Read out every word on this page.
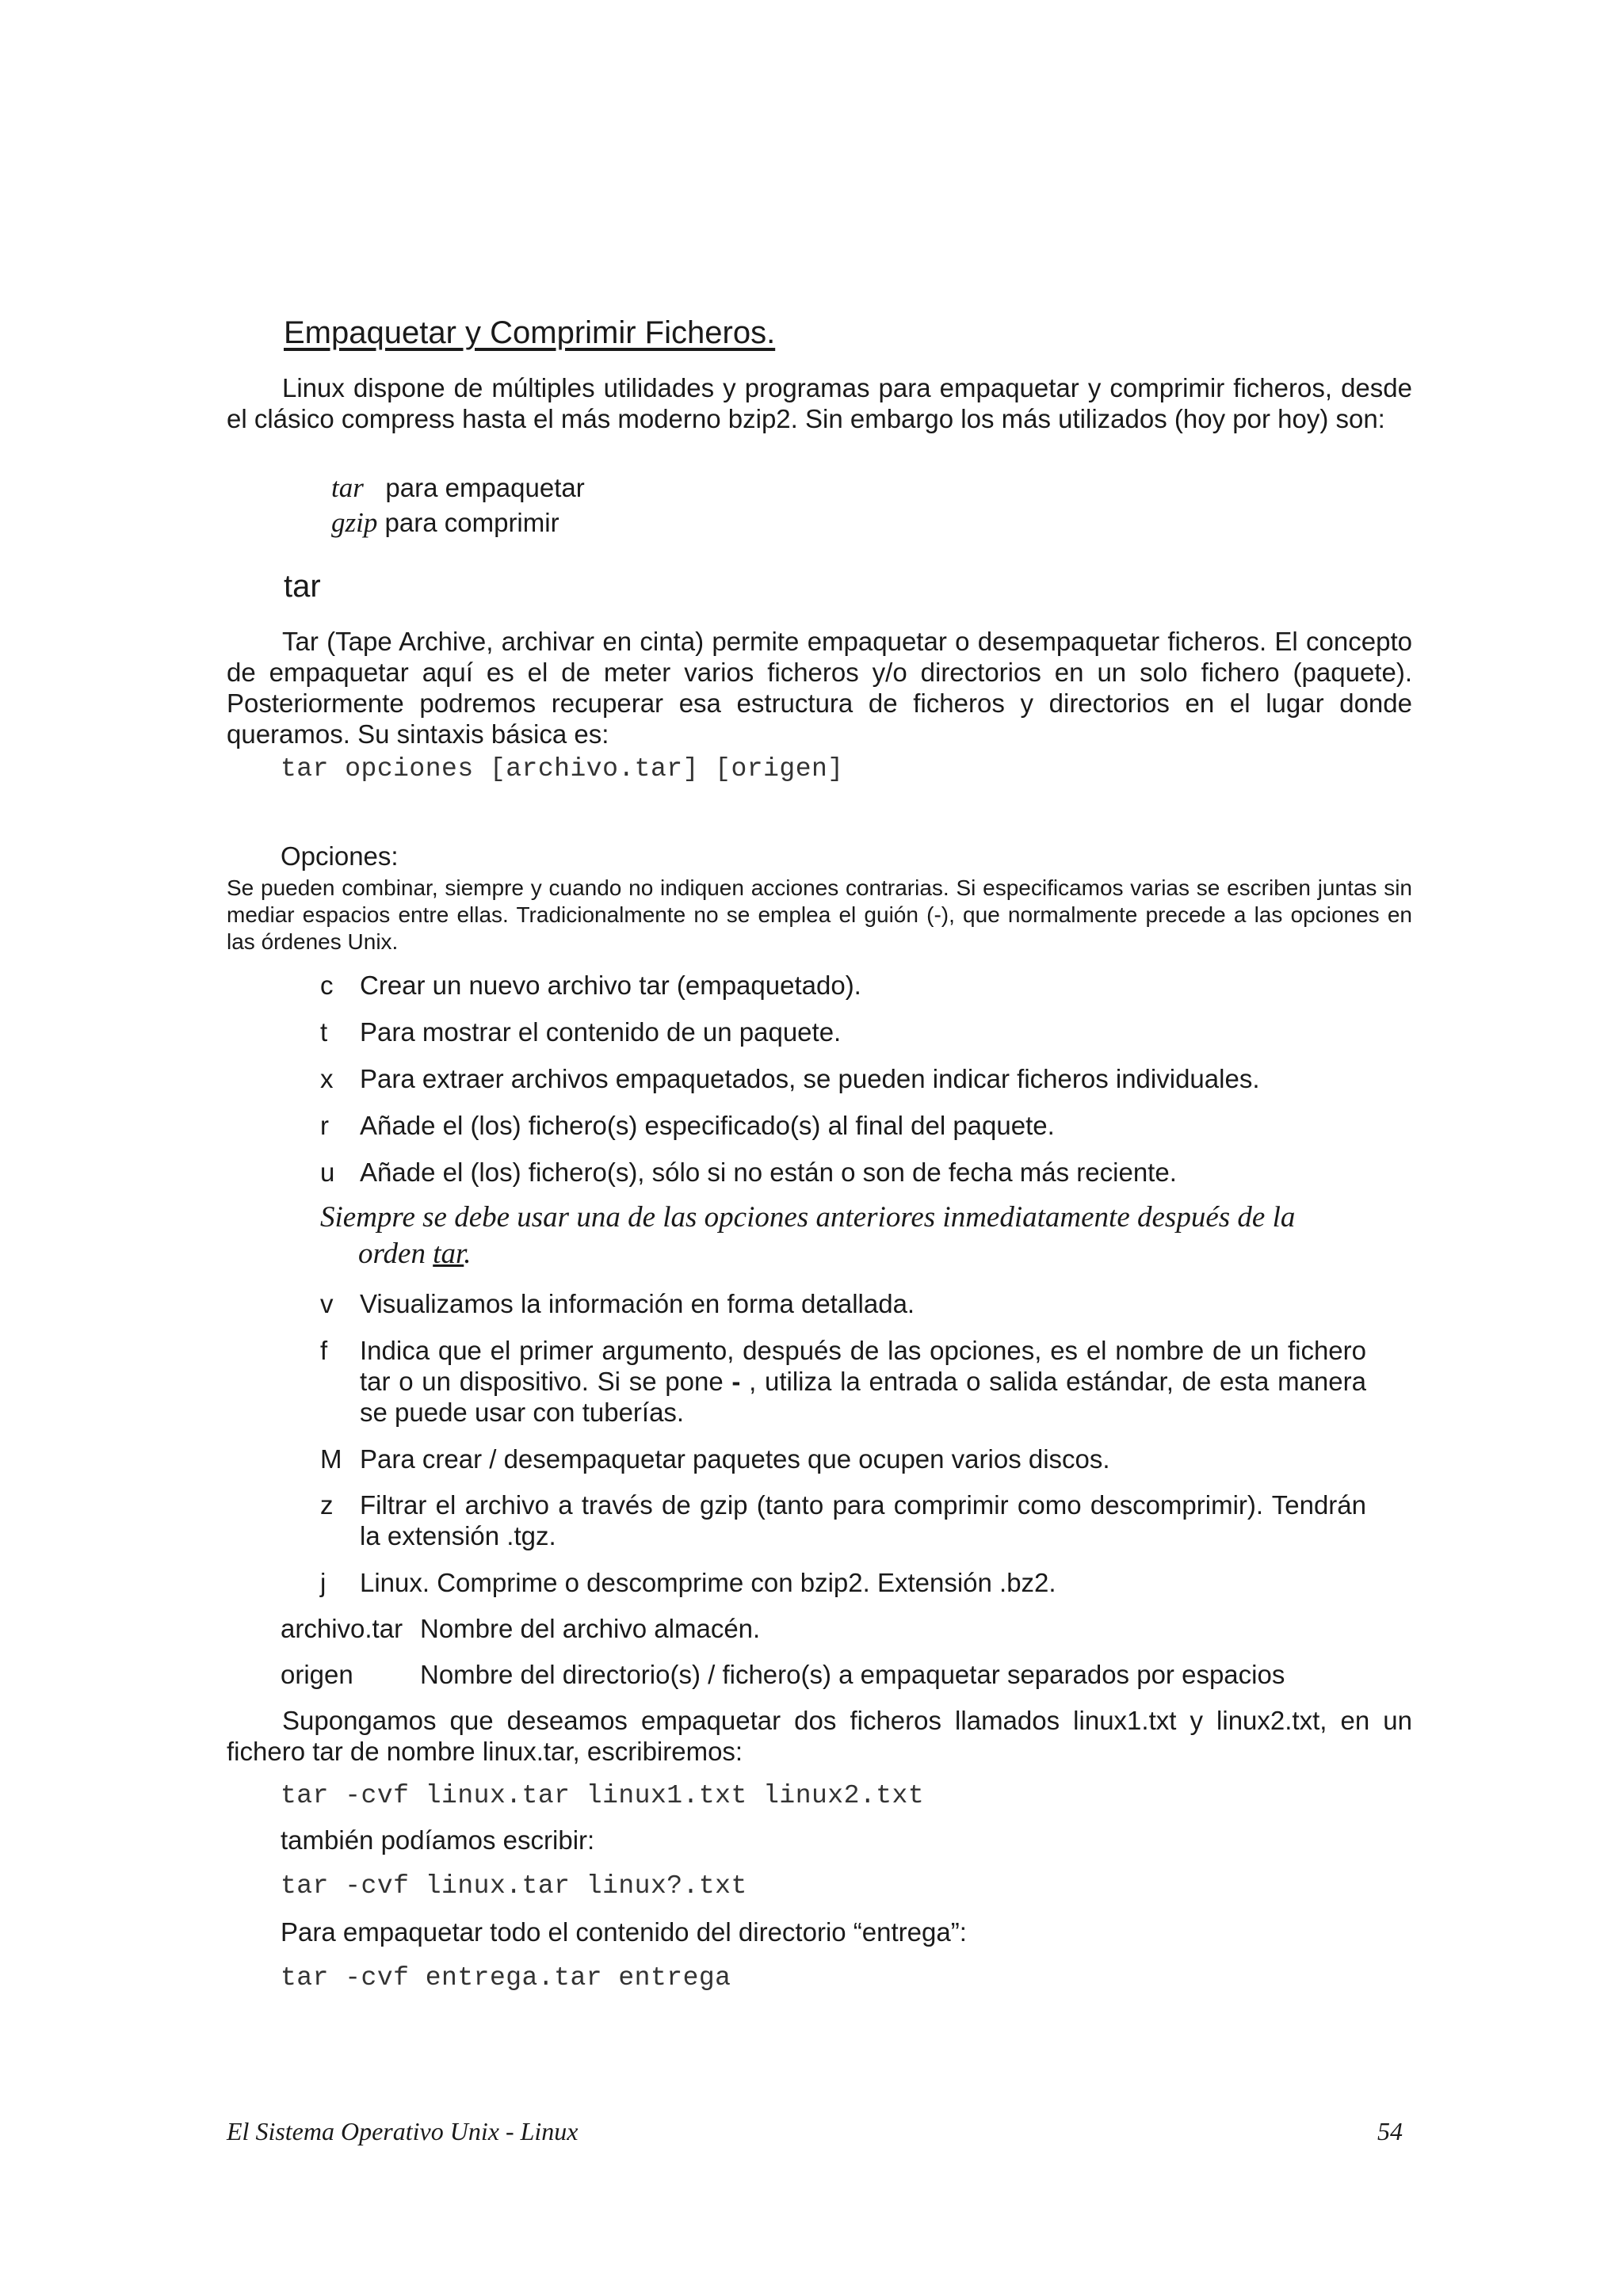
Empaquetar y Comprimir Ficheros.
Linux dispone de múltiples utilidades y programas para empaquetar y comprimir ficheros, desde el clásico compress hasta el más moderno bzip2. Sin embargo los más utilizados (hoy por hoy) son:
tar para empaquetar
gzip para comprimir
tar
Tar (Tape Archive, archivar en cinta) permite empaquetar o desempaquetar ficheros. El concepto de empaquetar aquí es el de meter varios ficheros y/o directorios en un solo fichero (paquete). Posteriormente podremos recuperar esa estructura de ficheros y directorios en el lugar donde queramos. Su sintaxis básica es:
tar opciones [archivo.tar] [origen]
Opciones:
Se pueden combinar, siempre y cuando no indiquen acciones contrarias. Si especificamos varias se escriben juntas sin mediar espacios entre ellas. Tradicionalmente no se emplea el guión (-), que normalmente precede a las opciones en las órdenes Unix.
c	Crear un nuevo archivo tar (empaquetado).
t	Para mostrar el contenido de un paquete.
x	Para extraer archivos empaquetados, se pueden indicar ficheros individuales.
r	Añade el (los) fichero(s) especificado(s) al final del paquete.
u Añade el (los) fichero(s), sólo si no están o son de fecha más reciente.
Siempre se debe usar una de las opciones anteriores inmediatamente después de la
orden tar.
v	Visualizamos la información en forma detallada.
f	Indica que el primer argumento, después de las opciones, es el nombre de un fichero tar o un dispositivo. Si se pone - , utiliza la entrada o salida estándar, de esta manera se puede usar con tuberías.
M Para crear / desempaquetar paquetes que ocupen varios discos.
z	Filtrar el archivo a través de gzip (tanto para comprimir como descomprimir). Tendrán la extensión .tgz.
j	Linux. Comprime o descomprime con bzip2. Extensión .bz2.
archivo.tar Nombre del archivo almacén.
origen	Nombre del directorio(s) / fichero(s) a empaquetar separados por espacios
Supongamos que deseamos empaquetar dos ficheros llamados linux1.txt y linux2.txt, en un fichero tar de nombre linux.tar, escribiremos:
tar -cvf linux.tar linux1.txt linux2.txt
también podíamos escribir:
tar -cvf linux.tar linux?.txt
Para empaquetar todo el contenido del directorio “entrega”:
tar -cvf entrega.tar entrega
El Sistema Operativo Unix - Linux	54
